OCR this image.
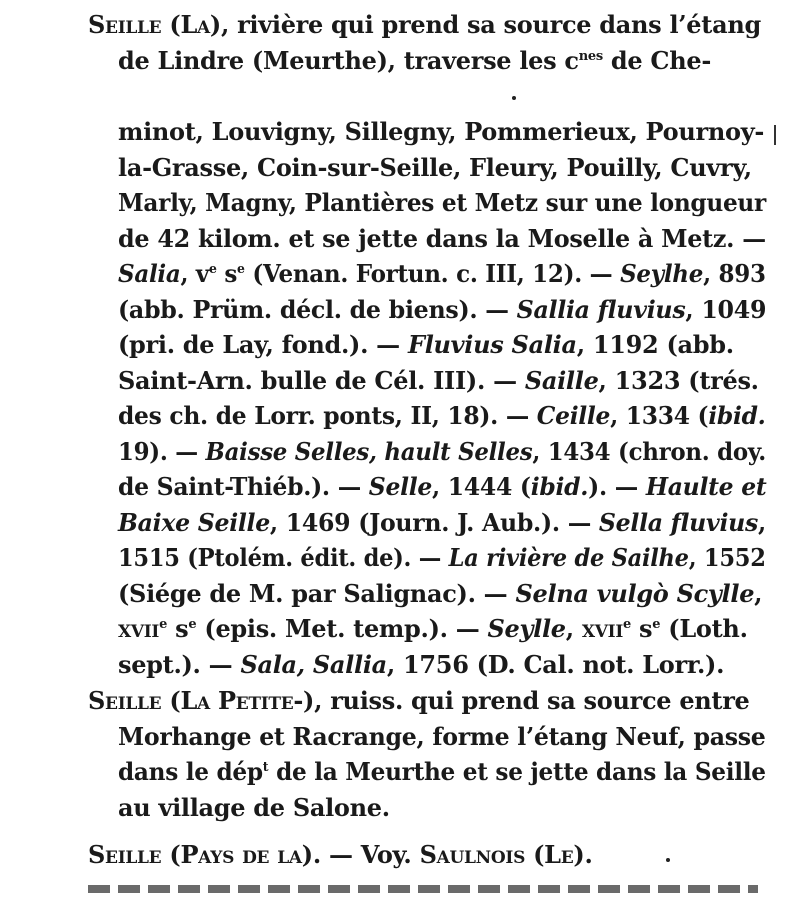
Seille (La), rivière qui prend sa source dans l’étang
de Lindre (Meurthe), traverse les $c^{nes}$ de Che-
minot, Louvigny, Sillegny, Pommerieux, Pournoy-
la-Grasse, Coin-sur-Seille, Fleury, Pouilly, Cuvry,
Marly, Magny, Plantières et Metz sur une longueur
de 42 kilom. et se jette dans la Moselle à Metz. —
Salia, $v^e$ $s^e$ (Venan. Fortun. c. III, 12). — Seylhe, 893
(abb. Prüm. décl. de biens). — Sallia fluvius, 1049
(pri. de Lay, fond.). — Fluvius Salia, 1192 (abb.
Saint-Arn. bulle de Cél. III). — Saille, 1323 (trés.
des ch. de Lorr. ponts, II, 18). — Ceille, 1334 (ibid.
19). — Baisse Selles, hault Selles, 1434 (chron. doy.
de Saint-Thiéb.). — Selle, 1444 (ibid.). — Haulte et
Baixe Seille, 1469 (Journ. J. Aub.). — Sella fluvius,
1515 (Ptolém. édit. de). — La rivière de Sailhe, 1552
(Siége de M. par Salignac). — Selna vulgò Scylle,
xvii$^e$ $s^e$ (epis. Met. temp.). — Seylle, xvii$^e$ $s^e$ (Loth.
sept.). — Sala, Sallia, 1756 (D. Cal. not. Lorr.).
Seille (La Petite-), ruiss. qui prend sa source entre
Morhange et Racrange, forme l’étang Neuf, passe
dans le dép$^t$ de la Meurthe et se jette dans la Seille
au village de Salone.
Seille (Pays de la). — Voy. Saulnois (Le).
